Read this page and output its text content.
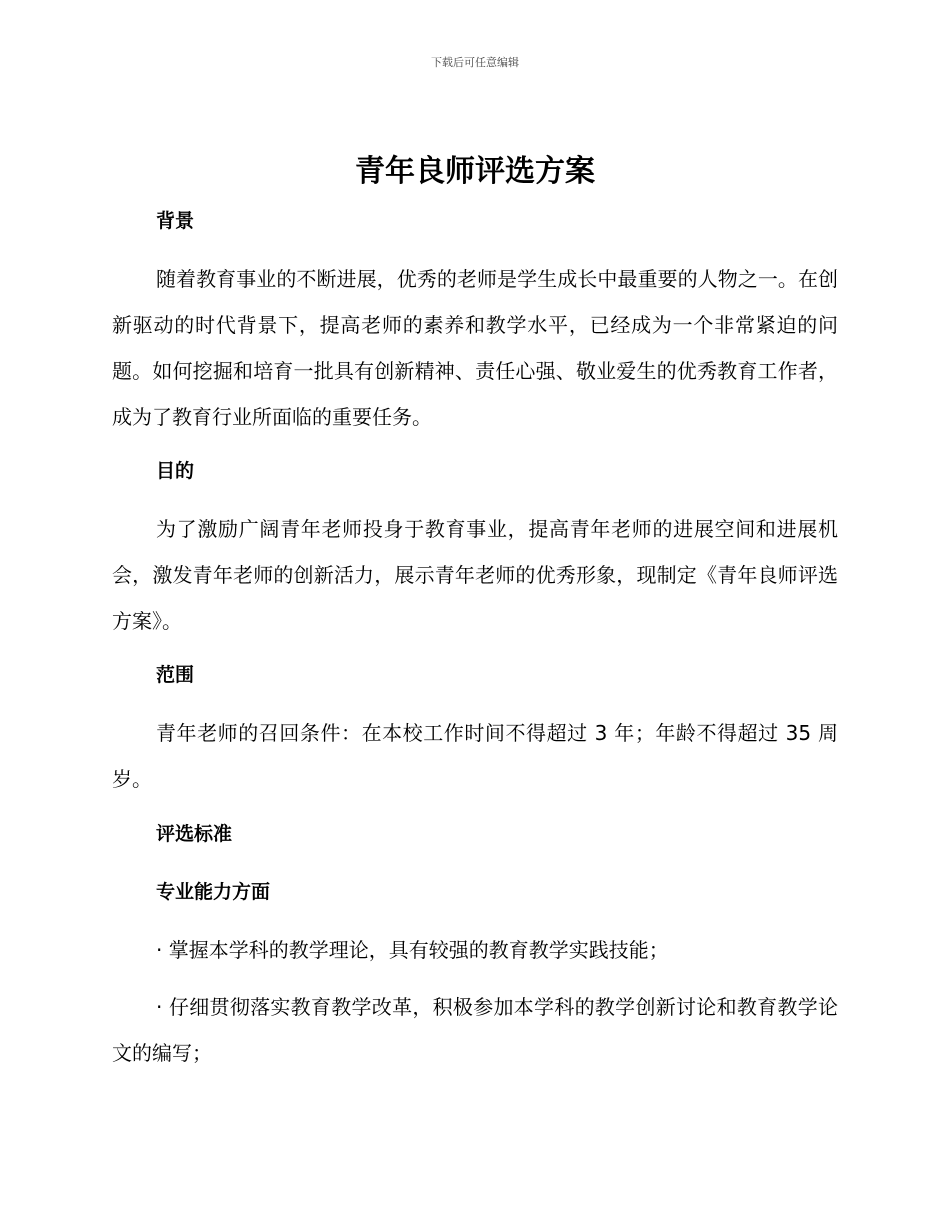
下载后可任意编辑
青年良师评选方案
背景

随着教育事业的不断进展，优秀的老师是学生成长中最重要的人物之一。在创新驱动的时代背景下，提高老师的素养和教学水平，已经成为一个非常紧迫的问题。如何挖掘和培育一批具有创新精神、责任心强、敬业爱生的优秀教育工作者，成为了教育行业所面临的重要任务。

目的

为了激励广阔青年老师投身于教育事业，提高青年老师的进展空间和进展机会，激发青年老师的创新活力，展示青年老师的优秀形象，现制定《青年良师评选方案》。

范围

青年老师的召回条件：在本校工作时间不得超过 3 年；年龄不得超过 35 周岁。

评选标准
专业能力方面

· 掌握本学科的教学理论，具有较强的教育教学实践技能；

· 仔细贯彻落实教育教学改革，积极参加本学科的教学创新讨论和教育教学论文的编写；
